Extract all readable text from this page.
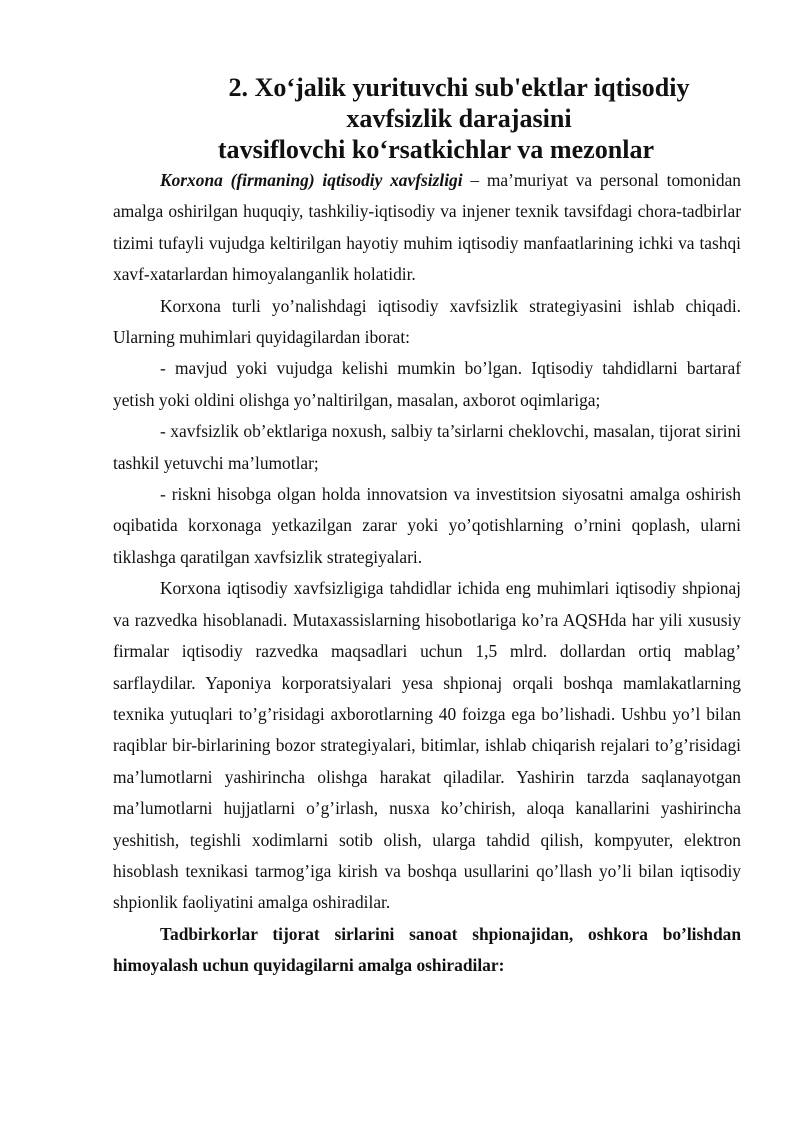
2. Xo‘jalik yurituvchi sub'ektlar iqtisodiy xavfsizlik darajasini
tavsiflovchi ko‘rsatkichlar va mezonlar

Korxona (firmaning) iqtisodiy xavfsizligi – ma’muriyat va personal tomonidan amalga oshirilgan huquqiy, tashkiliy-iqtisodiy va injener texnik tavsifdagi chora-tadbirlar tizimi tufayli vujudga keltirilgan hayotiy muhim iqtisodiy manfaatlarining ichki va tashqi xavf-xatarlardan himoyalanganlik holatidir.

Korxona turli yo’nalishdagi iqtisodiy xavfsizlik strategiyasini ishlab chiqadi. Ularning muhimlari quyidagilardan iborat:

- mavjud yoki vujudga kelishi mumkin bo’lgan. Iqtisodiy tahdidlarni bartaraf yetish yoki oldini olishga yo’naltirilgan, masalan, axborot oqimlariga;

- xavfsizlik ob’ektlariga noxush, salbiy ta’sirlarni cheklovchi, masalan, tijorat sirini tashkil yetuvchi ma’lumotlar;

- riskni hisobga olgan holda innovatsion va investitsion siyosatni amalga oshirish oqibatida korxonaga yetkazilgan zarar yoki yo’qotishlarning o’rnini qoplash, ularni tiklashga qaratilgan xavfsizlik strategiyalari.

Korxona iqtisodiy xavfsizligiga tahdidlar ichida eng muhimlari iqtisodiy shpionaj va razvedka hisoblanadi. Mutaxassislarning hisobotlariga ko’ra AQSHda har yili xususiy firmalar iqtisodiy razvedka maqsadlari uchun 1,5 mlrd. dollardan ortiq mablag’ sarflaydilar. Yaponiya korporatsiyalari yesa shpionaj orqali boshqa mamlakatlarning texnika yutuqlari to’g’risidagi axborotlarning 40 foizga ega bo’lishadi. Ushbu yo’l bilan raqiblar bir-birlarining bozor strategiyalari, bitimlar, ishlab chiqarish rejalari to’g’risidagi ma’lumotlarni yashirincha olishga harakat qiladilar. Yashirin tarzda saqlanayotgan ma’lumotlarni hujjatlarni o’g’irlash, nusxa ko’chirish, aloqa kanallarini yashirincha yeshitish, tegishli xodimlarni sotib olish, ularga tahdid qilish, kompyuter, elektron hisoblash texnikasi tarmog’iga kirish va boshqa usullarini qo’llash yo’li bilan iqtisodiy shpionlik faoliyatini amalga oshiradilar.

Tadbirkorlar tijorat sirlarini sanoat shpionajidan, oshkora bo’lishdan himoyalash uchun quyidagilarni amalga oshiradilar:
